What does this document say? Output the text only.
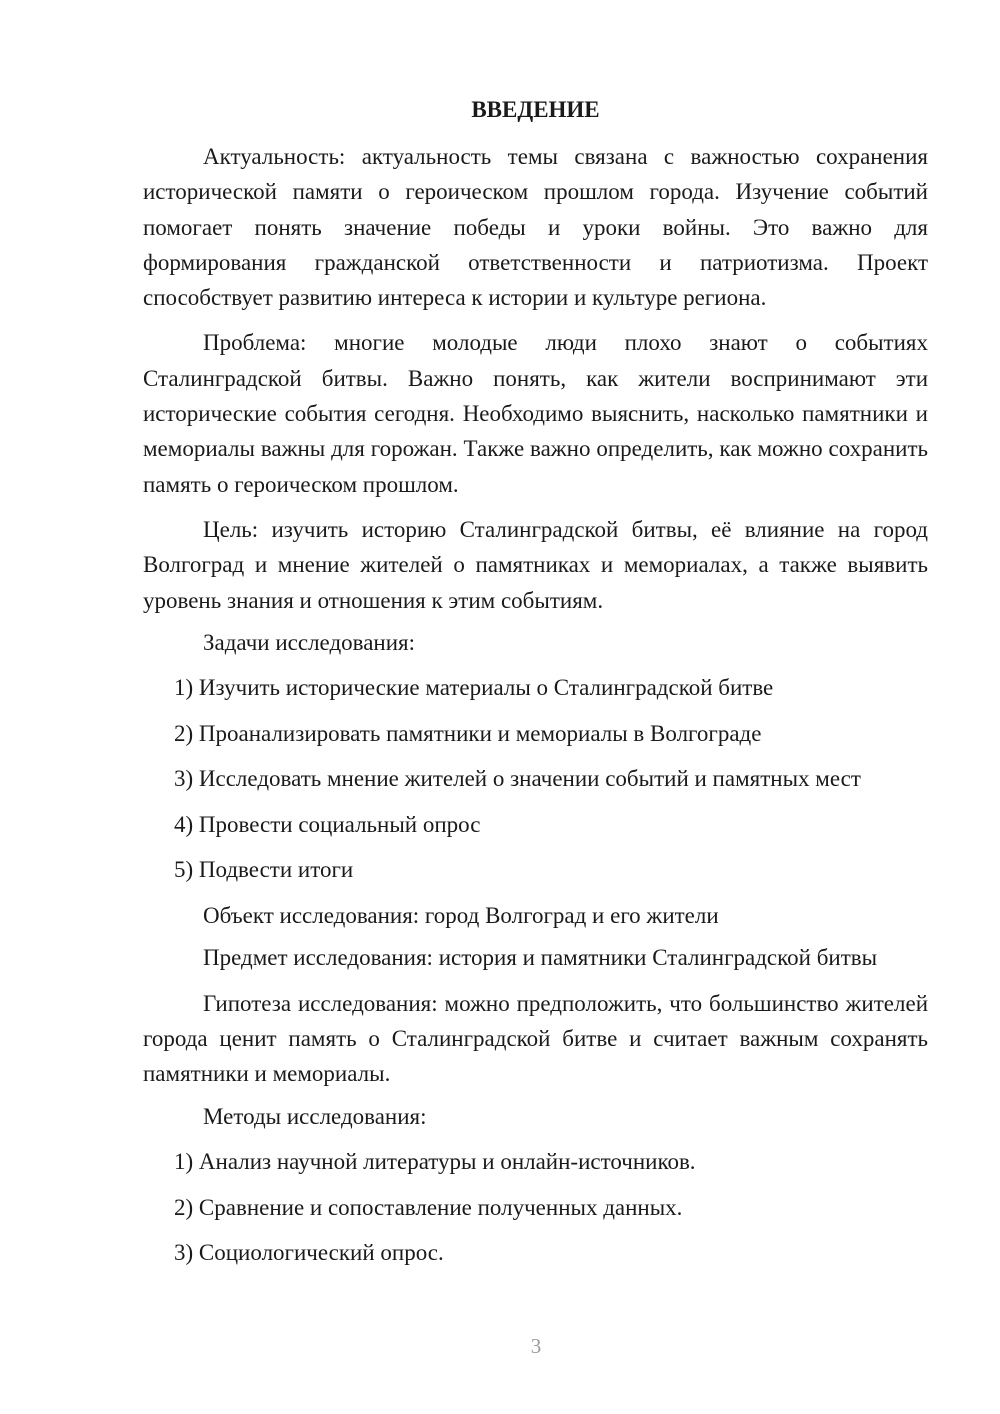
ВВЕДЕНИЕ

Актуальность: актуальность темы связана с важностью сохранения исторической памяти о героическом прошлом города. Изучение событий помогает понять значение победы и уроки войны. Это важно для формирования гражданской ответственности и патриотизма. Проект способствует развитию интереса к истории и культуре региона.

Проблема: многие молодые люди плохо знают о событиях Сталинградской битвы. Важно понять, как жители воспринимают эти исторические события сегодня. Необходимо выяснить, насколько памятники и мемориалы важны для горожан. Также важно определить, как можно сохранить память о героическом прошлом.

Цель: изучить историю Сталинградской битвы, её влияние на город Волгоград и мнение жителей о памятниках и мемориалах, а также выявить уровень знания и отношения к этим событиям.

Задачи исследования:

1) Изучить исторические материалы о Сталинградской битве

2) Проанализировать памятники и мемориалы в Волгограде

3) Исследовать мнение жителей о значении событий и памятных мест

4) Провести социальный опрос

5) Подвести итоги

Объект исследования: город Волгоград и его жители

Предмет исследования: история и памятники Сталинградской битвы

Гипотеза исследования: можно предположить, что большинство жителей города ценит память о Сталинградской битве и считает важным сохранять памятники и мемориалы.

Методы исследования:

1) Анализ научной литературы и онлайн-источников.

2) Сравнение и сопоставление полученных данных.

3) Социологический опрос.

3
